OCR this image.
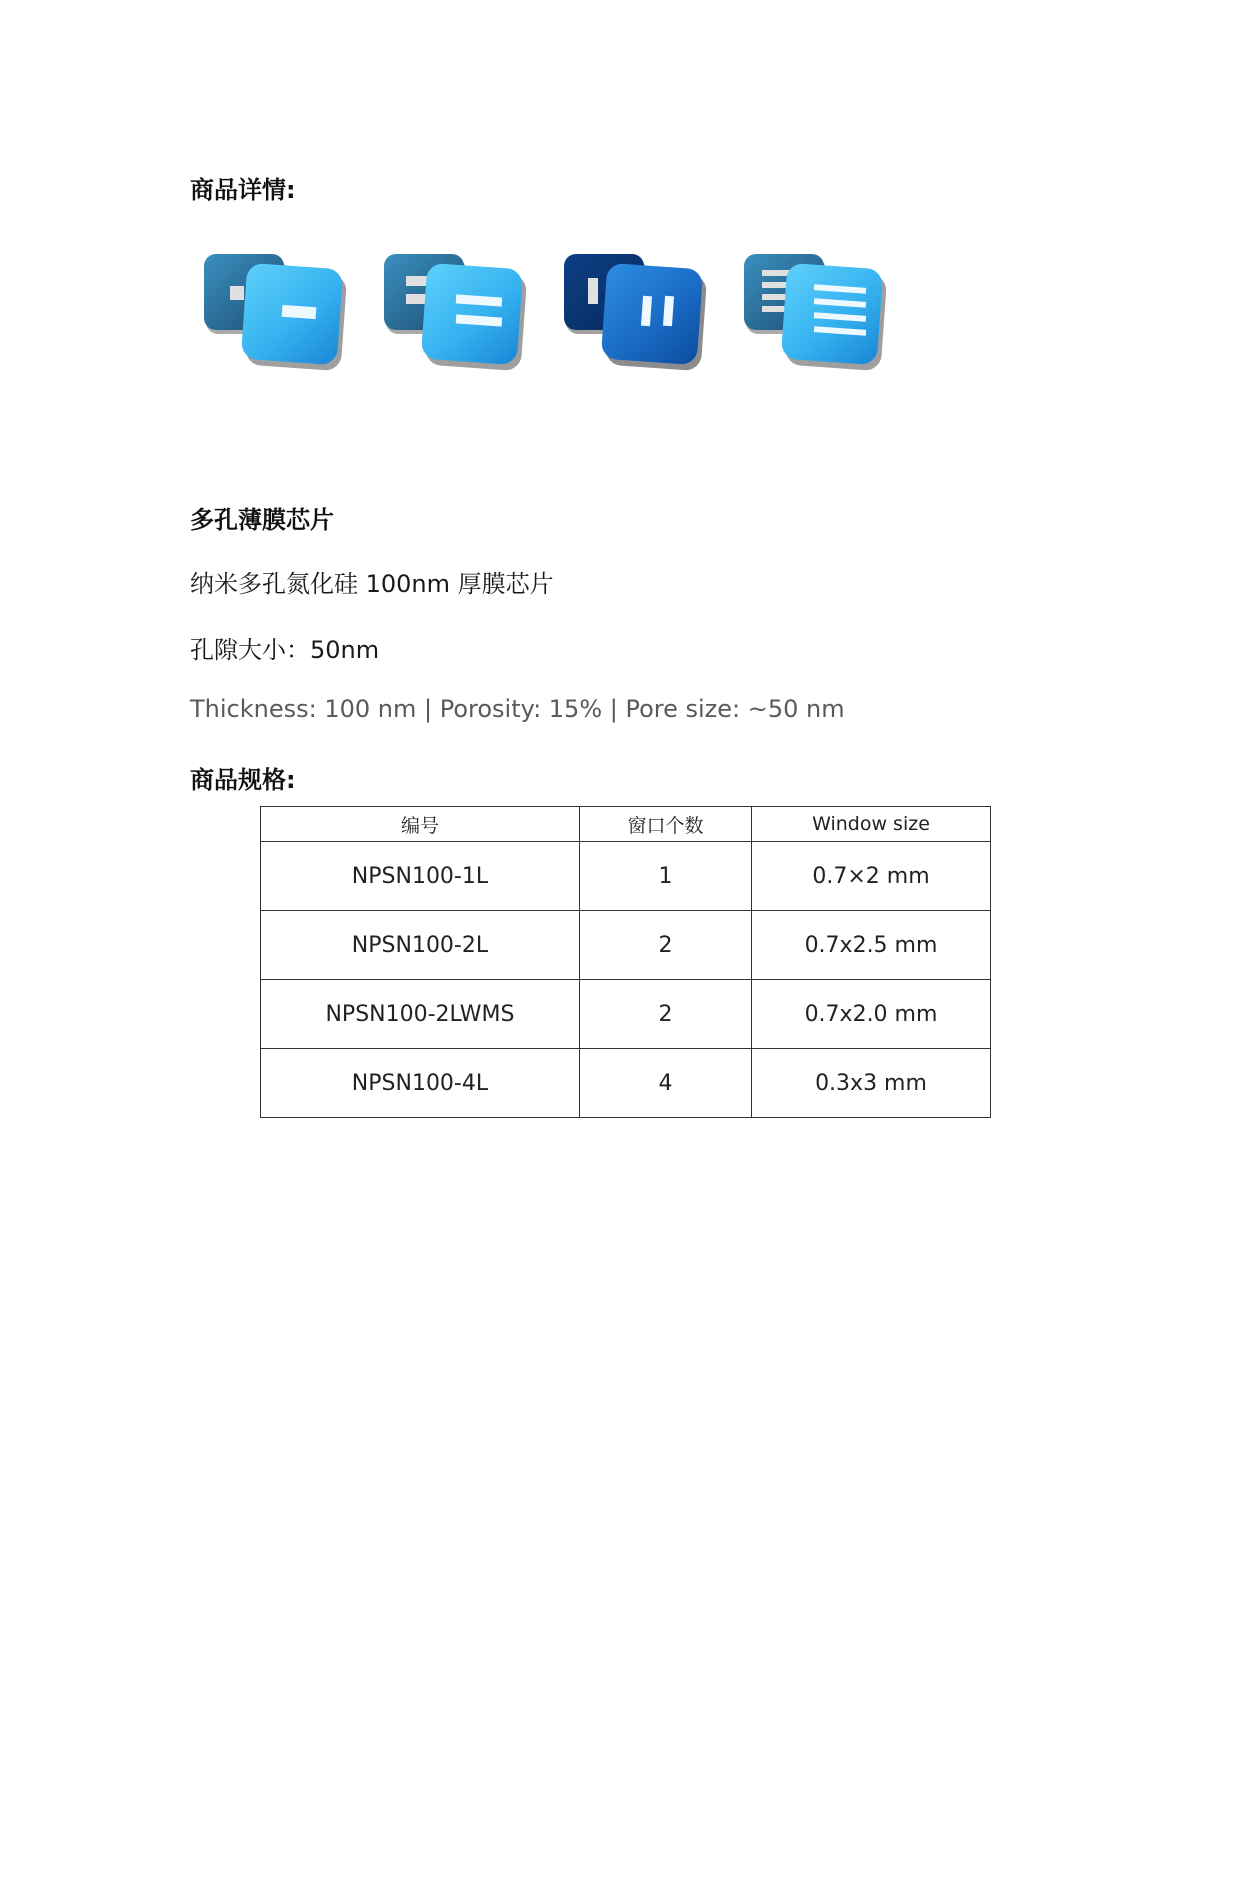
商品详情:
多孔薄膜芯片
纳米多孔氮化硅 100nm 厚膜芯片
孔隙大小：50nm
Thickness: 100 nm | Porosity: 15% | Pore size: ~50 nm
商品规格:
编号	窗口个数	Window size
NPSN100-1L	1	0.7×2 mm
NPSN100-2L	2	0.7x2.5 mm
NPSN100-2LWMS	2	0.7x2.0 mm
NPSN100-4L	4	0.3x3 mm
